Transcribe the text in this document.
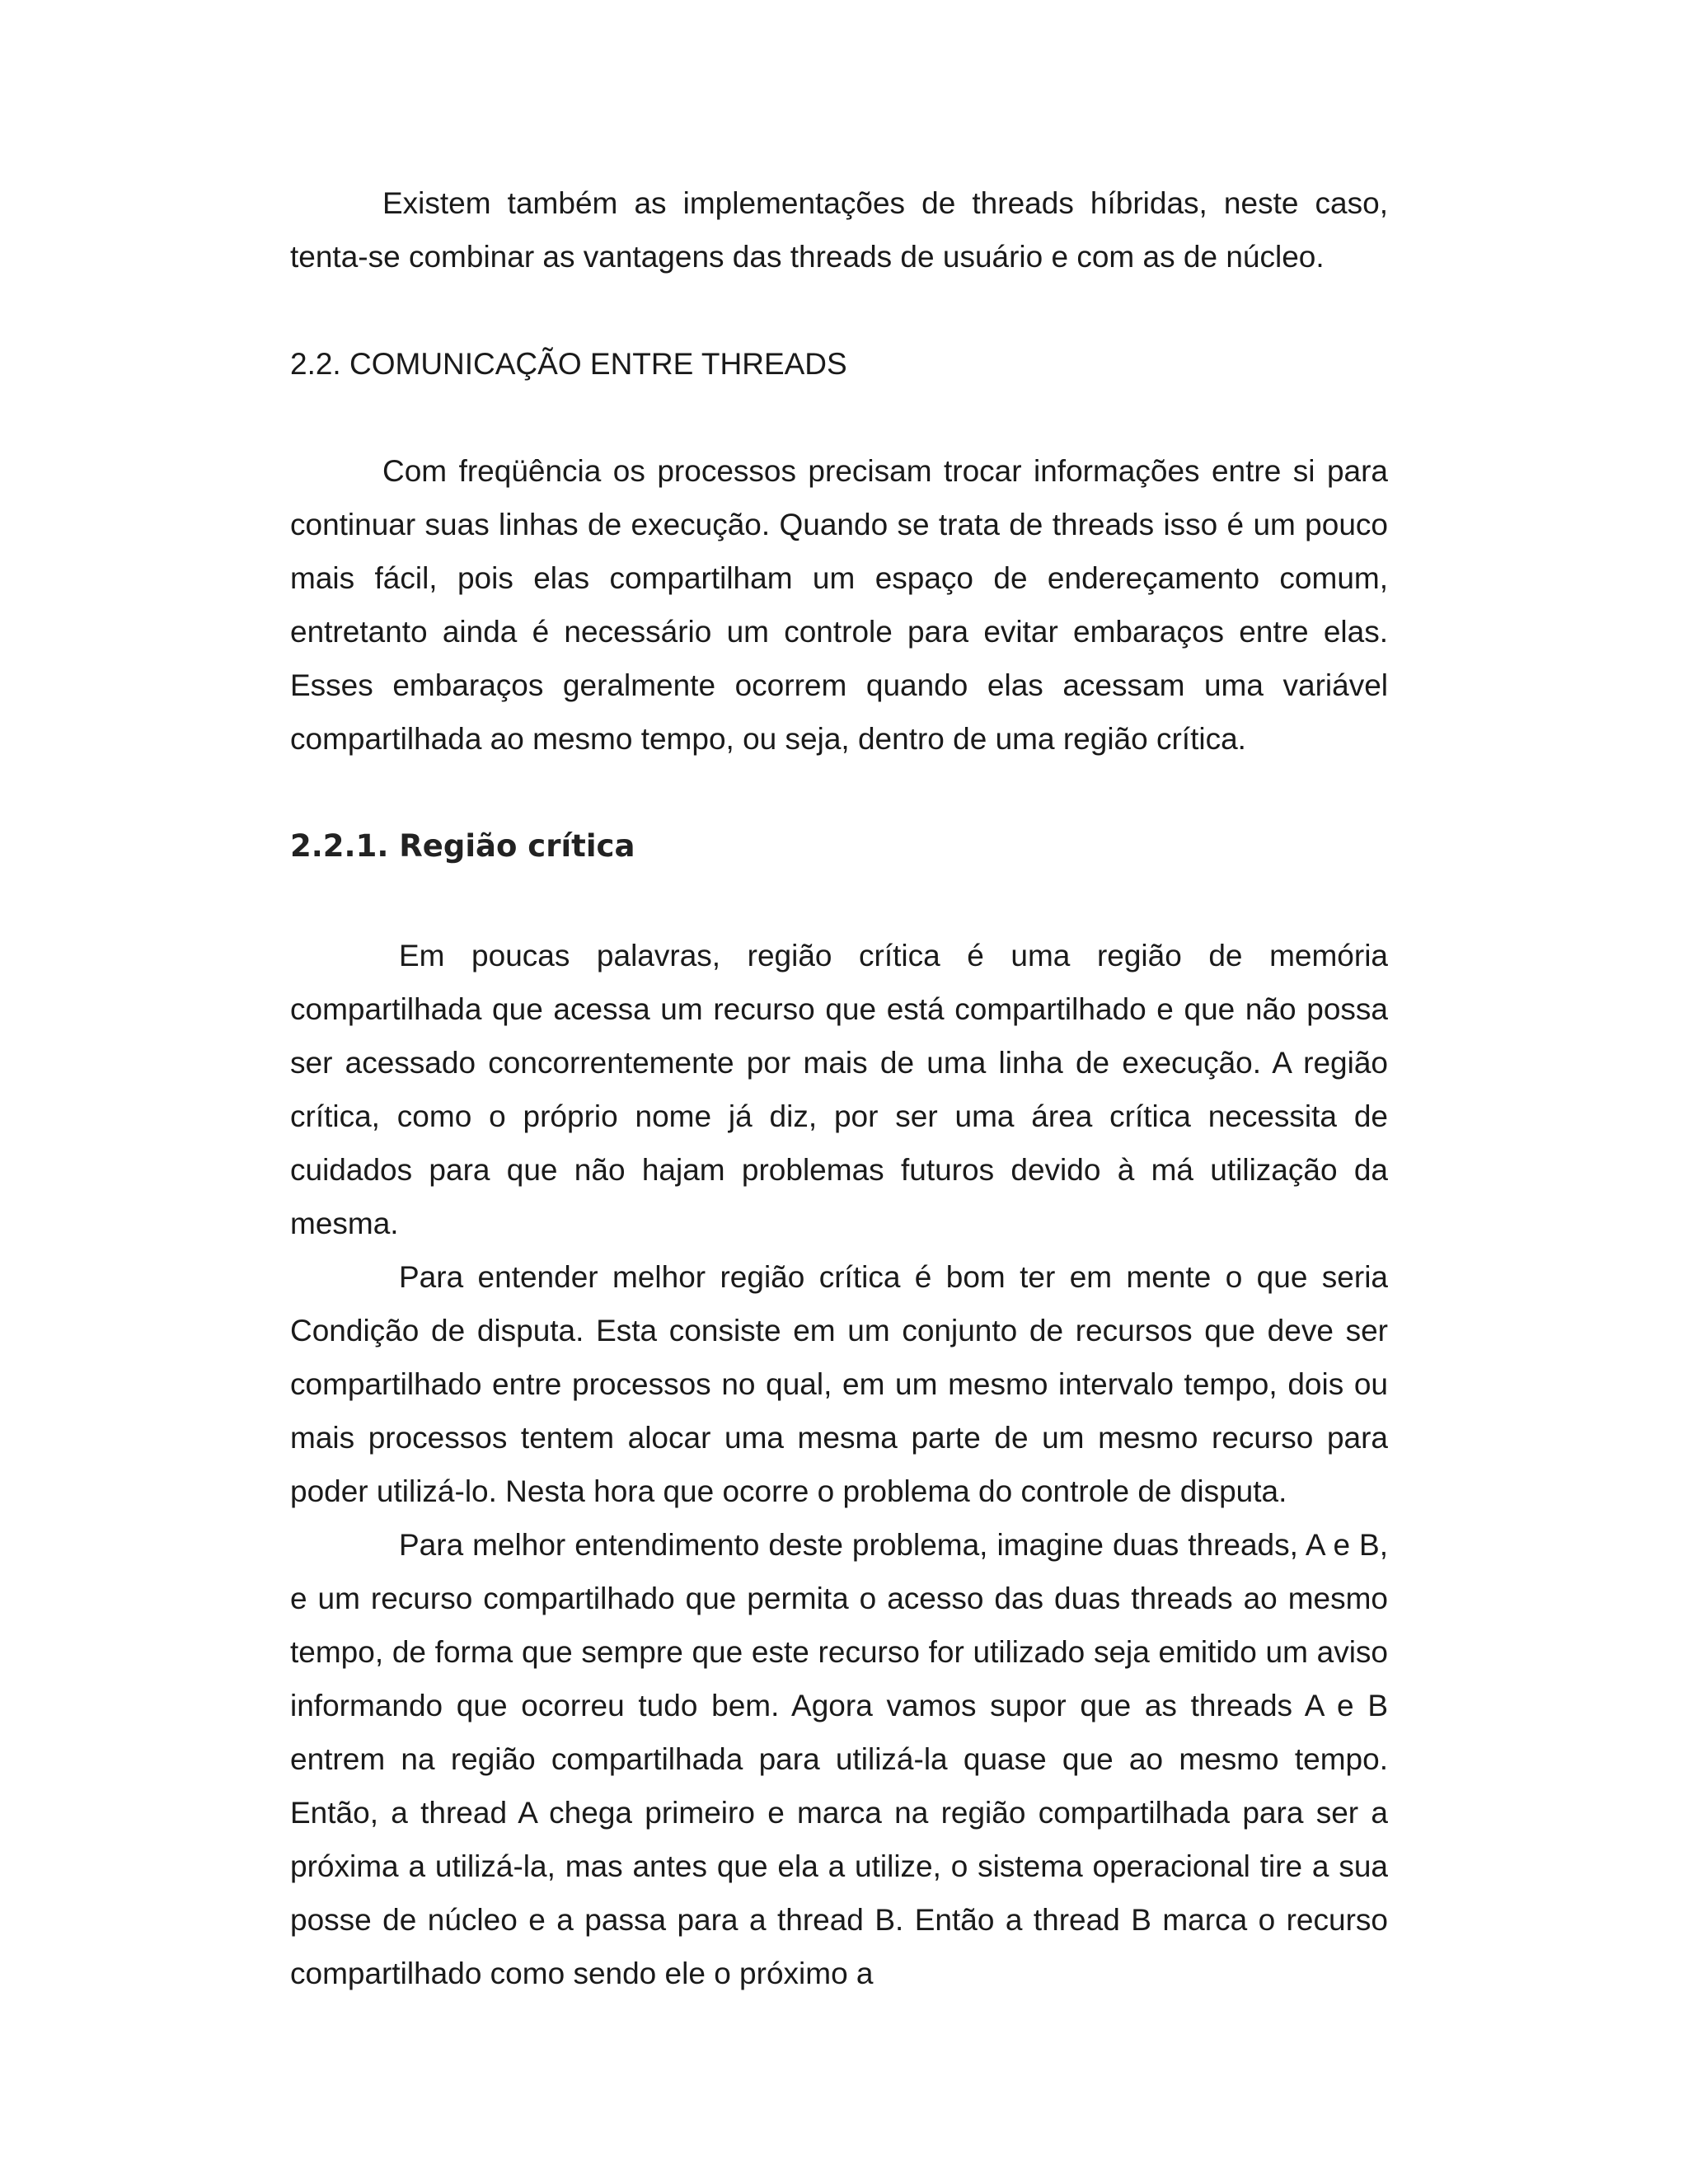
Existem também as implementações de threads híbridas, neste caso, tenta-se combinar as vantagens das threads de usuário e com as de núcleo.

2.2. COMUNICAÇÃO ENTRE THREADS

Com freqüência os processos precisam trocar informações entre si para continuar suas linhas de execução. Quando se trata de threads isso é um pouco mais fácil, pois elas compartilham um espaço de endereçamento comum, entretanto ainda é necessário um controle para evitar embaraços entre elas. Esses embaraços geralmente ocorrem quando elas acessam uma variável compartilhada ao mesmo tempo, ou seja, dentro de uma região crítica.

2.2.1. Região crítica

Em poucas palavras, região crítica é uma região de memória compartilhada que acessa um recurso que está compartilhado e que não possa ser acessado concorrentemente por mais de uma linha de execução. A região crítica, como o próprio nome já diz, por ser uma área crítica necessita de cuidados para que não hajam problemas futuros devido à má utilização da mesma.

Para entender melhor região crítica é bom ter em mente o que seria Condição de disputa. Esta consiste em um conjunto de recursos que deve ser compartilhado entre processos no qual, em um mesmo intervalo tempo, dois ou mais processos tentem alocar uma mesma parte de um mesmo recurso para poder utilizá-lo. Nesta hora que ocorre o problema do controle de disputa.

Para melhor entendimento deste problema, imagine duas threads, A e B, e um recurso compartilhado que permita o acesso das duas threads ao mesmo tempo, de forma que sempre que este recurso for utilizado seja emitido um aviso informando que ocorreu tudo bem. Agora vamos supor que as threads A e B entrem na região compartilhada para utilizá-la quase que ao mesmo tempo. Então, a thread A chega primeiro e marca na região compartilhada para ser a próxima a utilizá-la, mas antes que ela a utilize, o sistema operacional tire a sua posse de núcleo e a passa para a thread B. Então a thread B marca o recurso compartilhado como sendo ele o próximo a
